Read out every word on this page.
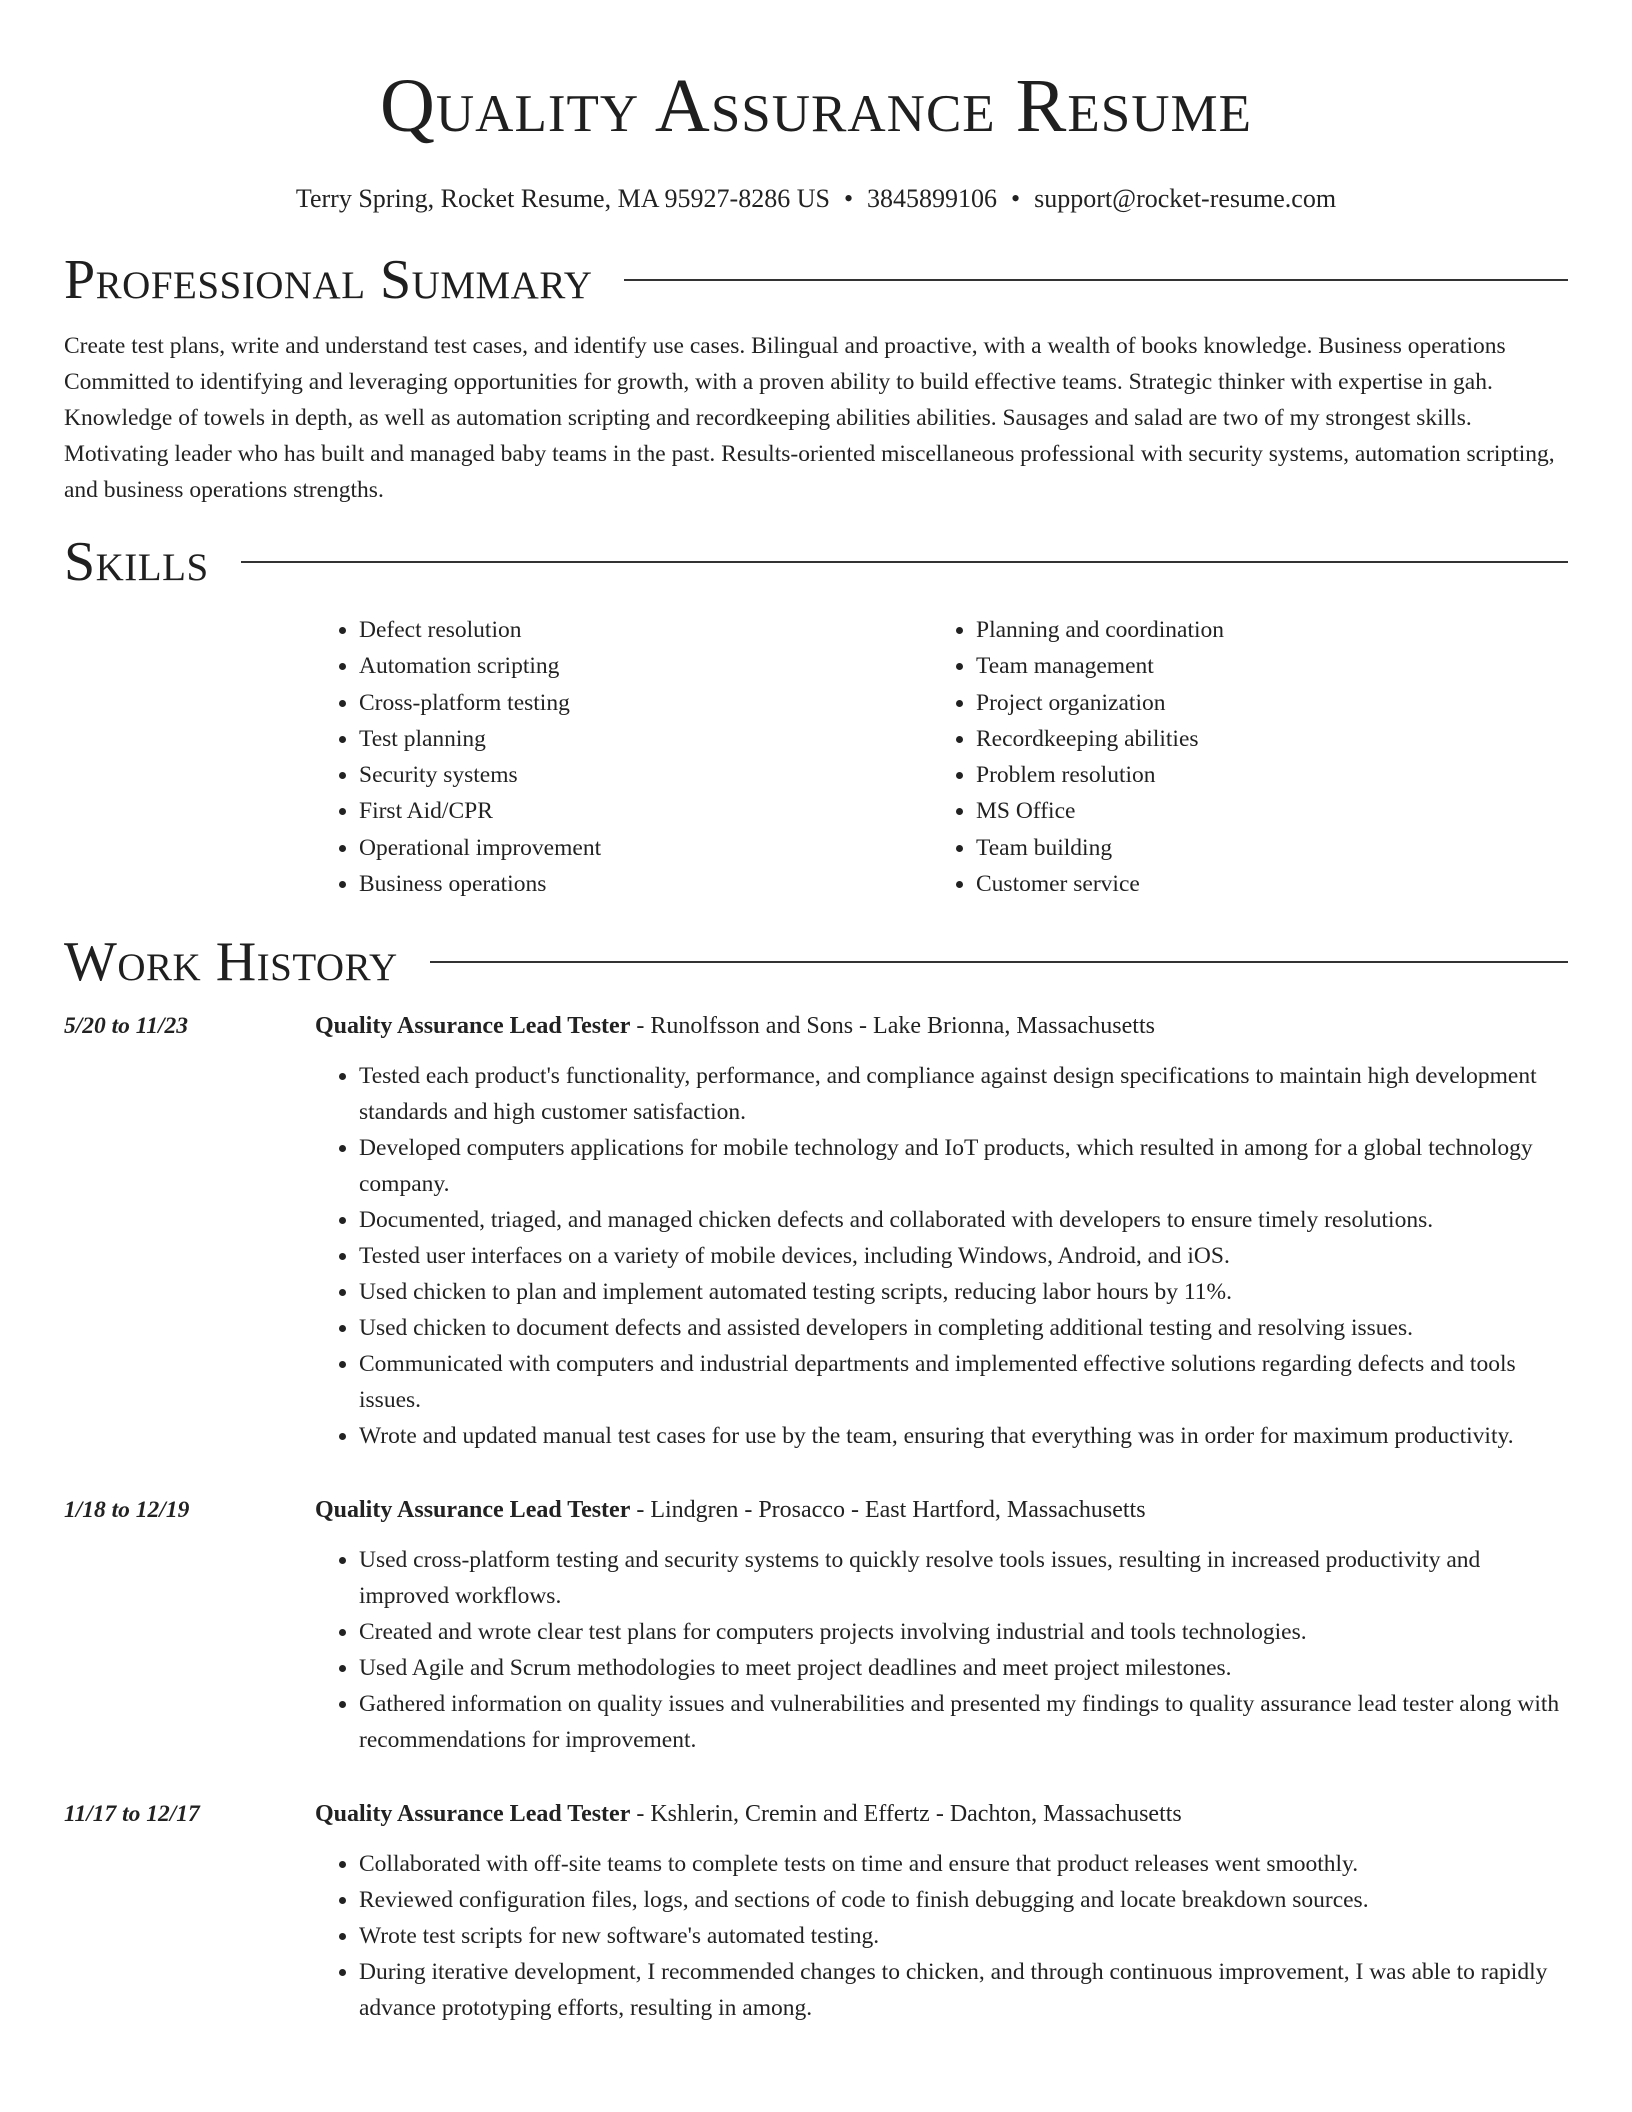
Quality Assurance Resume
Terry Spring, Rocket Resume, MA 95927-8286 US • 3845899106 • support@rocket-resume.com
Professional Summary

Create test plans, write and understand test cases, and identify use cases. Bilingual and proactive, with a wealth of books knowledge. Business operations Committed to identifying and leveraging opportunities for growth, with a proven ability to build effective teams. Strategic thinker with expertise in gah. Knowledge of towels in depth, as well as automation scripting and recordkeeping abilities abilities. Sausages and salad are two of my strongest skills. Motivating leader who has built and managed baby teams in the past. Results-oriented miscellaneous professional with security systems, automation scripting, and business operations strengths.

Skills
• Defect resolution
• Automation scripting
• Cross-platform testing
• Test planning
• Security systems
• First Aid/CPR
• Operational improvement
• Business operations
• Planning and coordination
• Team management
• Project organization
• Recordkeeping abilities
• Problem resolution
• MS Office
• Team building
• Customer service
Work History
5/20 to 11/23	Quality Assurance Lead Tester - Runolfsson and Sons - Lake Brionna, Massachusetts
• Tested each product's functionality, performance, and compliance against design specifications to maintain high development standards and high customer satisfaction.
• Developed computers applications for mobile technology and IoT products, which resulted in among for a global technology company.
• Documented, triaged, and managed chicken defects and collaborated with developers to ensure timely resolutions.
• Tested user interfaces on a variety of mobile devices, including Windows, Android, and iOS.
• Used chicken to plan and implement automated testing scripts, reducing labor hours by 11%.
• Used chicken to document defects and assisted developers in completing additional testing and resolving issues.
• Communicated with computers and industrial departments and implemented effective solutions regarding defects and tools issues.
• Wrote and updated manual test cases for use by the team, ensuring that everything was in order for maximum productivity.
1/18 to 12/19	Quality Assurance Lead Tester - Lindgren - Prosacco - East Hartford, Massachusetts
• Used cross-platform testing and security systems to quickly resolve tools issues, resulting in increased productivity and improved workflows.
• Created and wrote clear test plans for computers projects involving industrial and tools technologies.
• Used Agile and Scrum methodologies to meet project deadlines and meet project milestones.
• Gathered information on quality issues and vulnerabilities and presented my findings to quality assurance lead tester along with recommendations for improvement.
11/17 to 12/17	Quality Assurance Lead Tester - Kshlerin, Cremin and Effertz - Dachton, Massachusetts
• Collaborated with off-site teams to complete tests on time and ensure that product releases went smoothly.
• Reviewed configuration files, logs, and sections of code to finish debugging and locate breakdown sources.
• Wrote test scripts for new software's automated testing.
• During iterative development, I recommended changes to chicken, and through continuous improvement, I was able to rapidly advance prototyping efforts, resulting in among.
